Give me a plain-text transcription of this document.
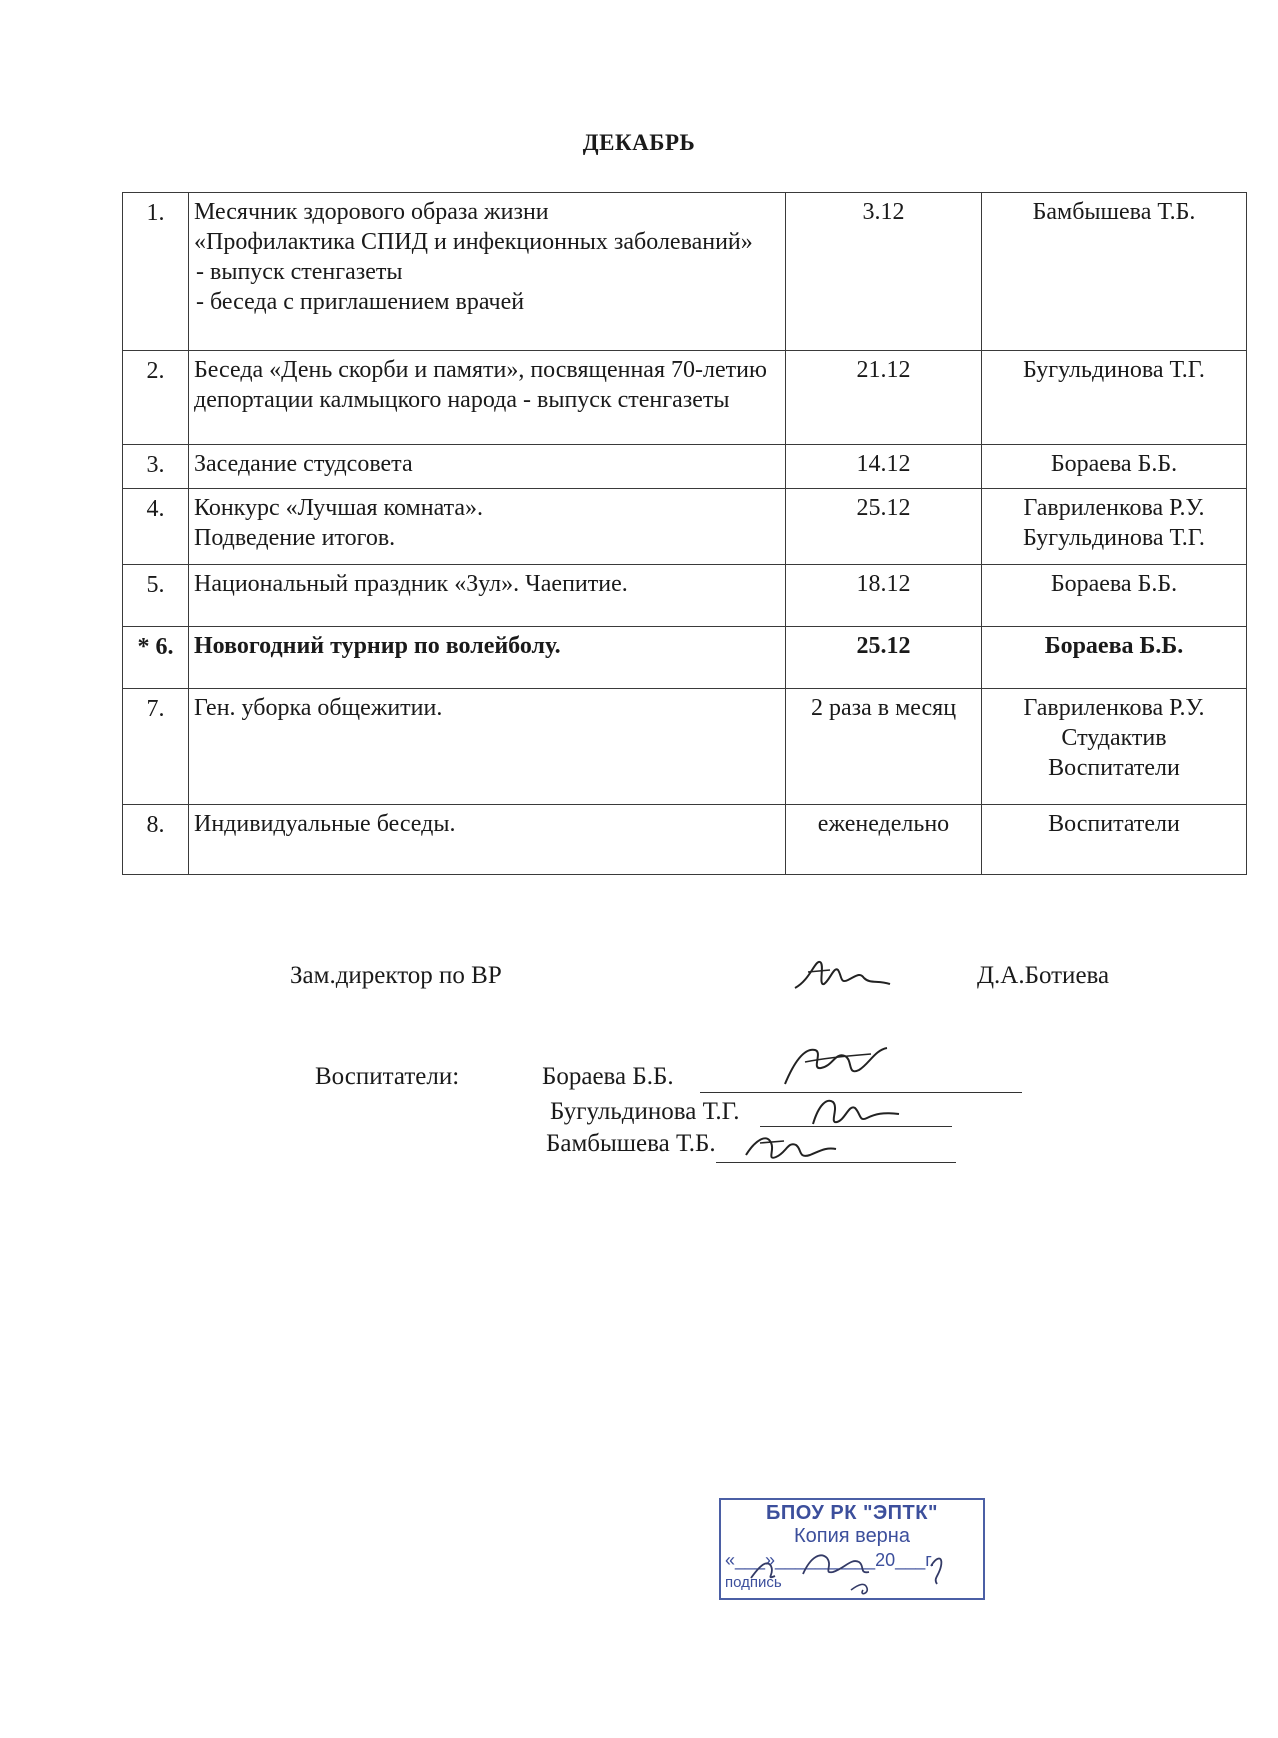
ДЕКАБРЬ
1.	Месячник здорового образа жизни
«Профилактика СПИД и инфекционных заболеваний»
- выпуск стенгазеты
- беседа с приглашением врачей	3.12	Бамбышева Т.Б.

2.	Беседа «День скорби и памяти», посвященная 70-летию депортации калмыцкого народа - выпуск стенгазеты	21.12	Бугульдинова Т.Г.

3.	Заседание студсовета	14.12	Бораева Б.Б.

4.	Конкурс «Лучшая комната».
Подведение итогов.	25.12	Гавриленкова Р.У.
Бугульдинова Т.Г.

5.	Национальный праздник «Зул». Чаепитие.	18.12	Бораева Б.Б.

* 6.	Новогодний турнир по волейболу.	25.12	Бораева Б.Б.

7.	Ген. уборка общежитии.	2 раза в месяц	Гавриленкова Р.У.
Студактив
Воспитатели

8.	Индивидуальные беседы.	еженедельно	Воспитатели
Зам.директор по ВР	Д.А.Ботиева
Воспитатели:	Бораева Б.Б.
Бугульдинова Т.Г.
Бамбышева Т.Б.
БПОУ РК "ЭПТК"
Копия верна
«___»__________20___г.
подпись
